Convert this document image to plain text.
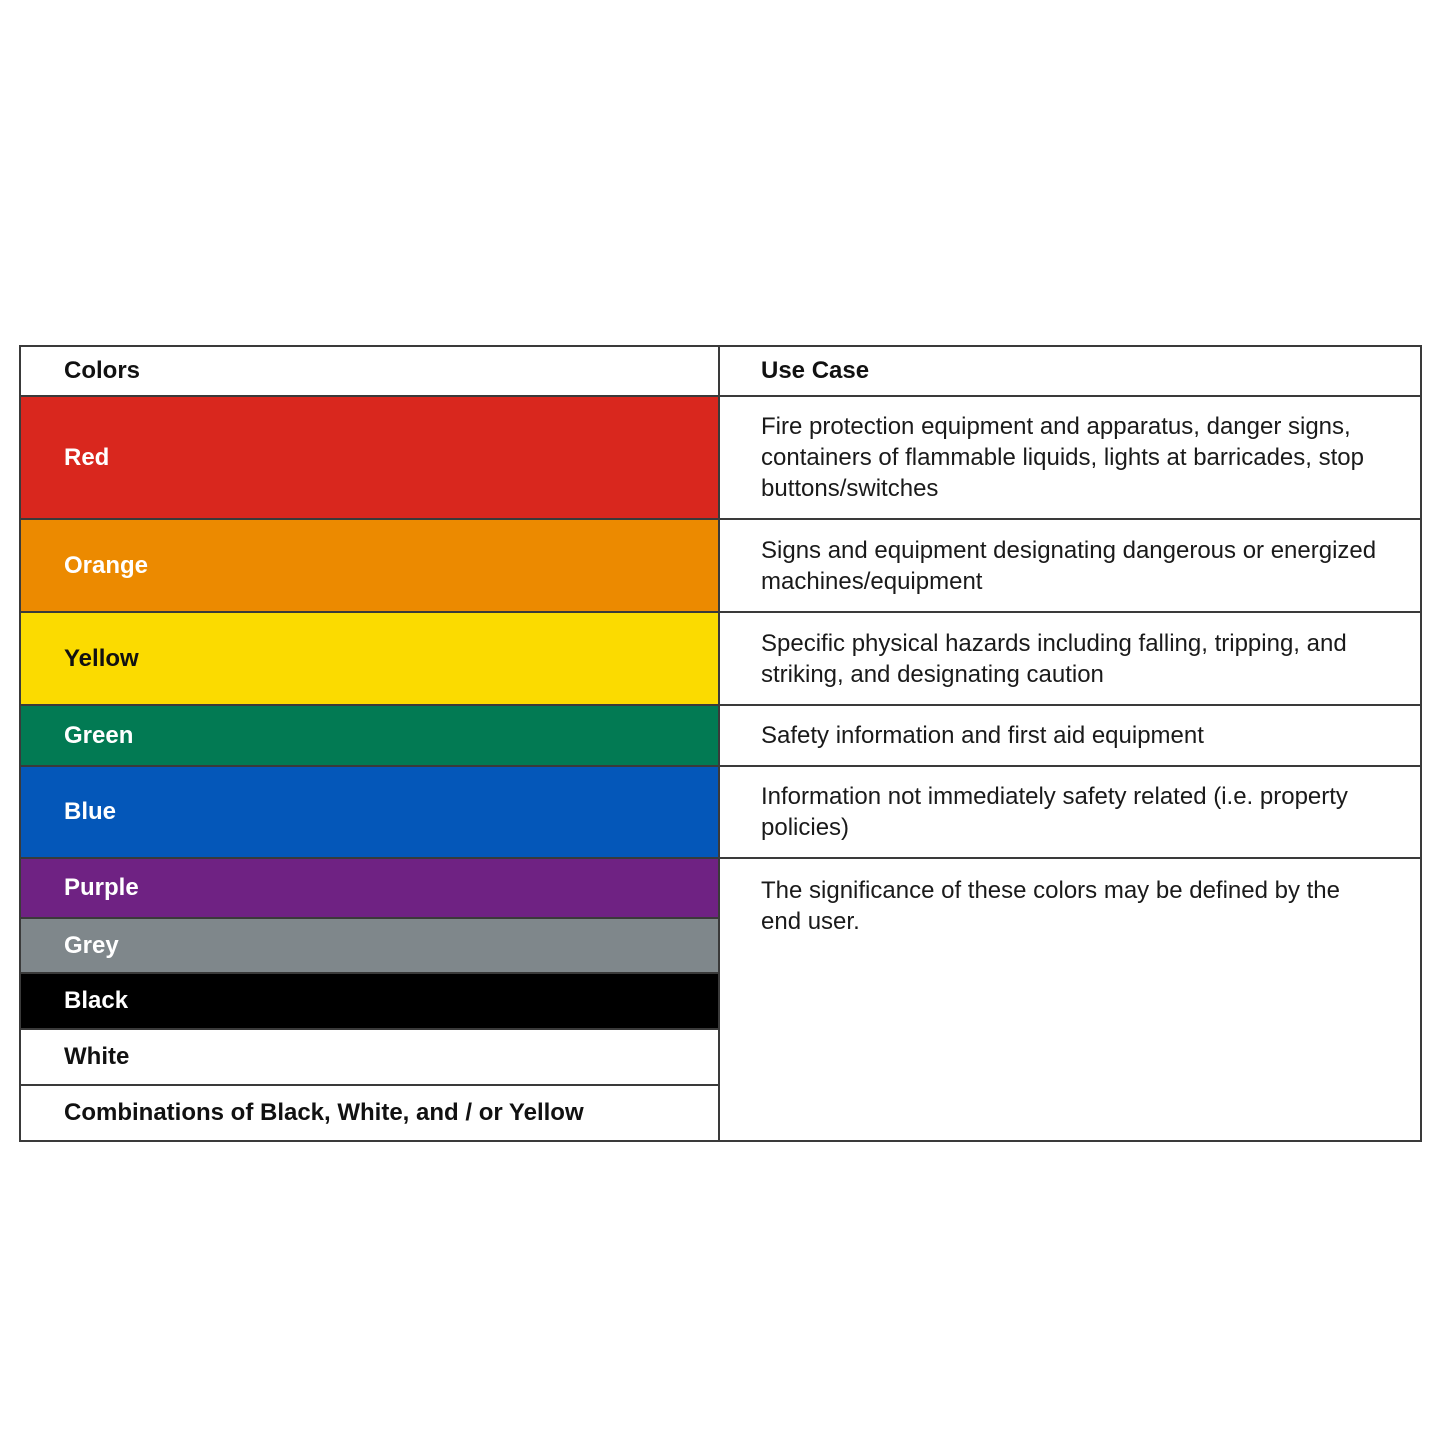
Colors	Use Case
Red	Fire protection equipment and apparatus, danger signs, containers of flammable liquids, lights at barricades, stop buttons/switches
Orange	Signs and equipment designating dangerous or energized machines/equipment
Yellow	Specific physical hazards including falling, tripping, and striking, and designating caution
Green	Safety information and first aid equipment
Blue	Information not immediately safety related (i.e. property policies)
Purple	The significance of these colors may be defined by the end user.
Grey	
Black	
White	
Combinations of Black, White, and / or Yellow	
